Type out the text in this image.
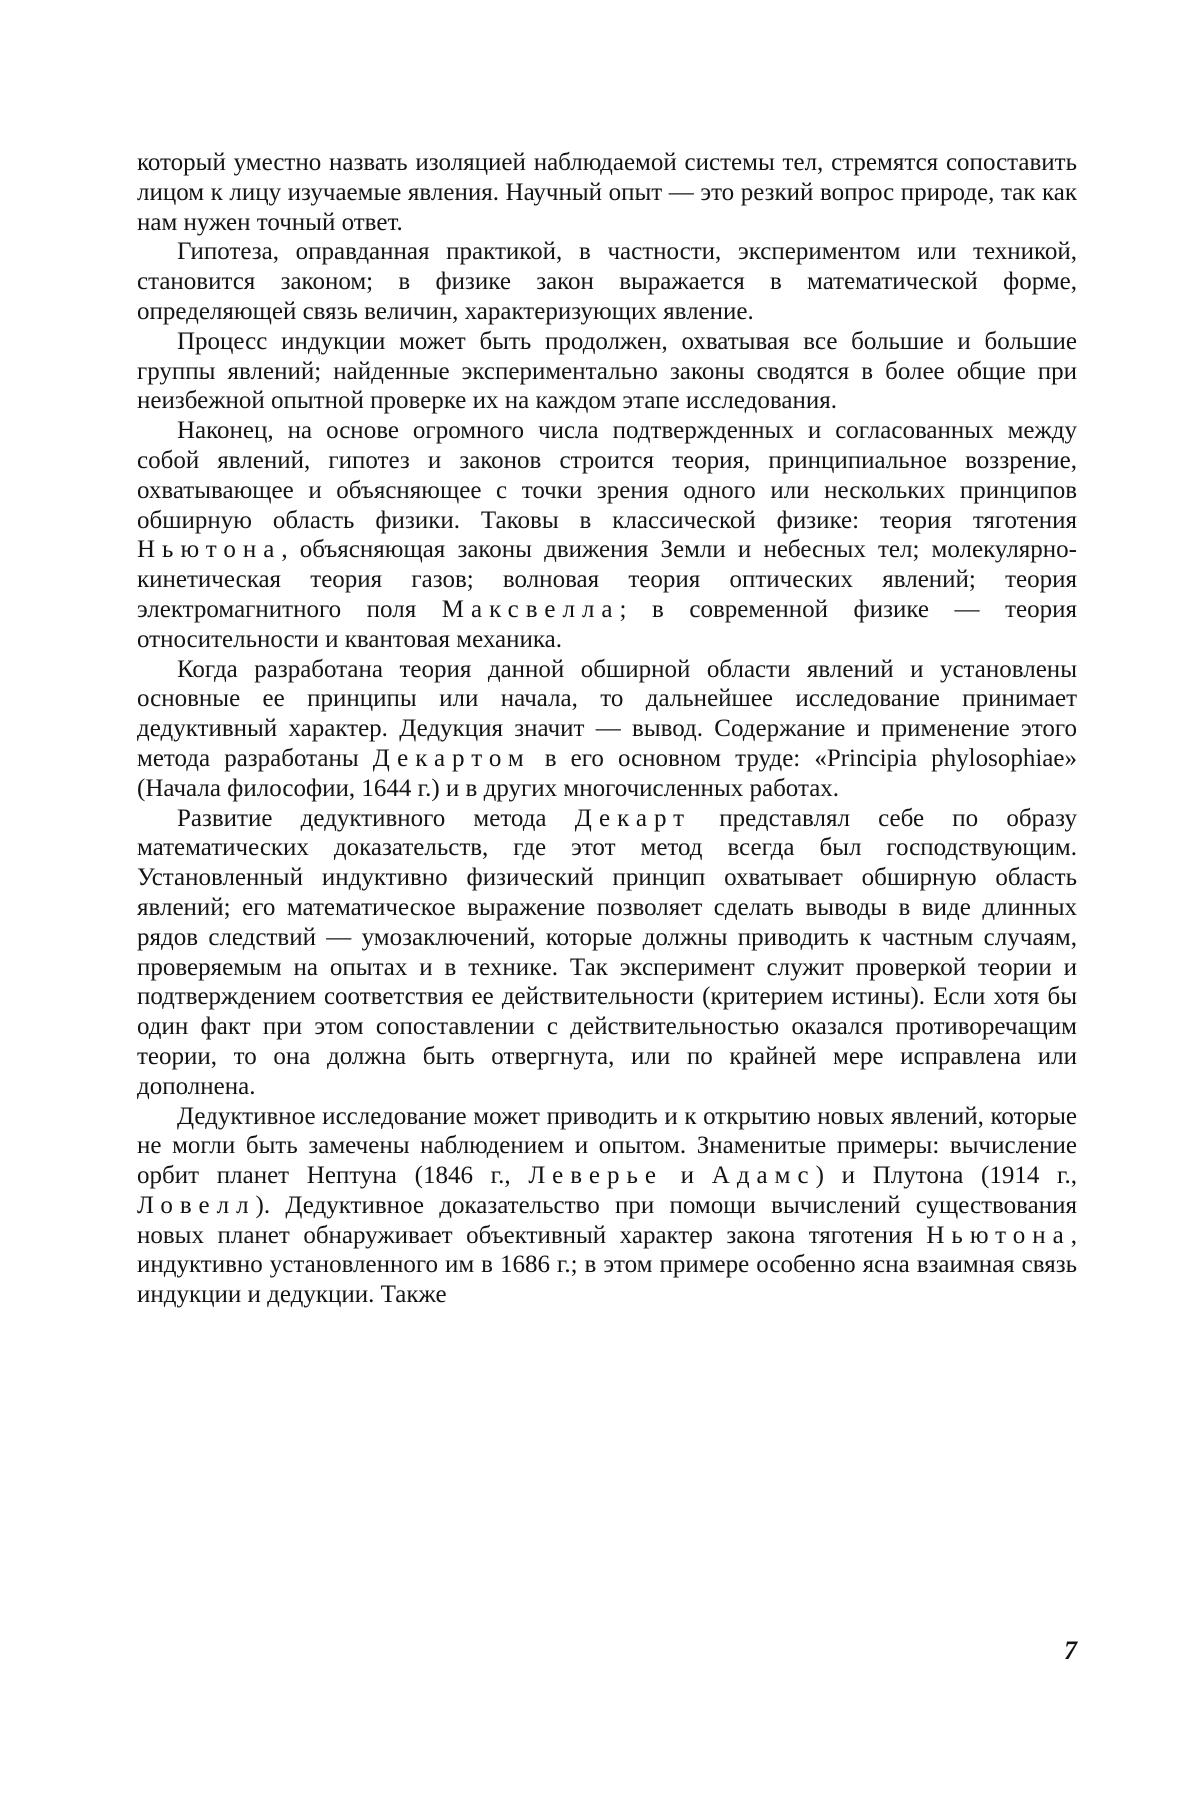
который уместно назвать изоляцией наблюдаемой системы тел, стремятся сопоставить лицом к лицу изучаемые явления. Научный опыт — это резкий вопрос природе, так как нам нужен точный ответ.

Гипотеза, оправданная практикой, в частности, экспериментом или техникой, становится законом; в физике закон выражается в математической форме, определяющей связь величин, характеризующих явление.

Процесс индукции может быть продолжен, охватывая все большие и большие группы явлений; найденные экспериментально законы сводятся в более общие при неизбежной опытной проверке их на каждом этапе исследования.

Наконец, на основе огромного числа подтвержденных и согласованных между собой явлений, гипотез и законов строится теория, принципиальное воззрение, охватывающее и объясняющее с точки зрения одного или нескольких принципов обширную область физики. Таковы в классической физике: теория тяготения Ньютона, объясняющая законы движения Земли и небесных тел; молекулярно-кинетическая теория газов; волновая теория оптических явлений; теория электромагнитного поля Максвелла; в современной физике — теория относительности и квантовая механика.

Когда разработана теория данной обширной области явлений и установлены основные ее принципы или начала, то дальнейшее исследование принимает дедуктивный характер. Дедукция значит — вывод. Содержание и применение этого метода разработаны Декартом в его основном труде: «Principia phylosophiae» (Начала философии, 1644 г.) и в других многочисленных работах.

Развитие дедуктивного метода Декарт представлял себе по образу математических доказательств, где этот метод всегда был господствующим. Установленный индуктивно физический принцип охватывает обширную область явлений; его математическое выражение позволяет сделать выводы в виде длинных рядов следствий — умозаключений, которые должны приводить к частным случаям, проверяемым на опытах и в технике. Так эксперимент служит проверкой теории и подтверждением соответствия ее действительности (критерием истины). Если хотя бы один факт при этом сопоставлении с действительностью оказался противоречащим теории, то она должна быть отвергнута, или по крайней мере исправлена или дополнена.

Дедуктивное исследование может приводить и к открытию новых явлений, которые не могли быть замечены наблюдением и опытом. Знаменитые примеры: вычисление орбит планет Нептуна (1846 г., Леверье и Адамс) и Плутона (1914 г., Ловелл). Дедуктивное доказательство при помощи вычислений существования новых планет обнаруживает объективный характер закона тяготения Ньютона, индуктивно установленного им в 1686 г.; в этом примере особенно ясна взаимная связь индукции и дедукции. Также

7
